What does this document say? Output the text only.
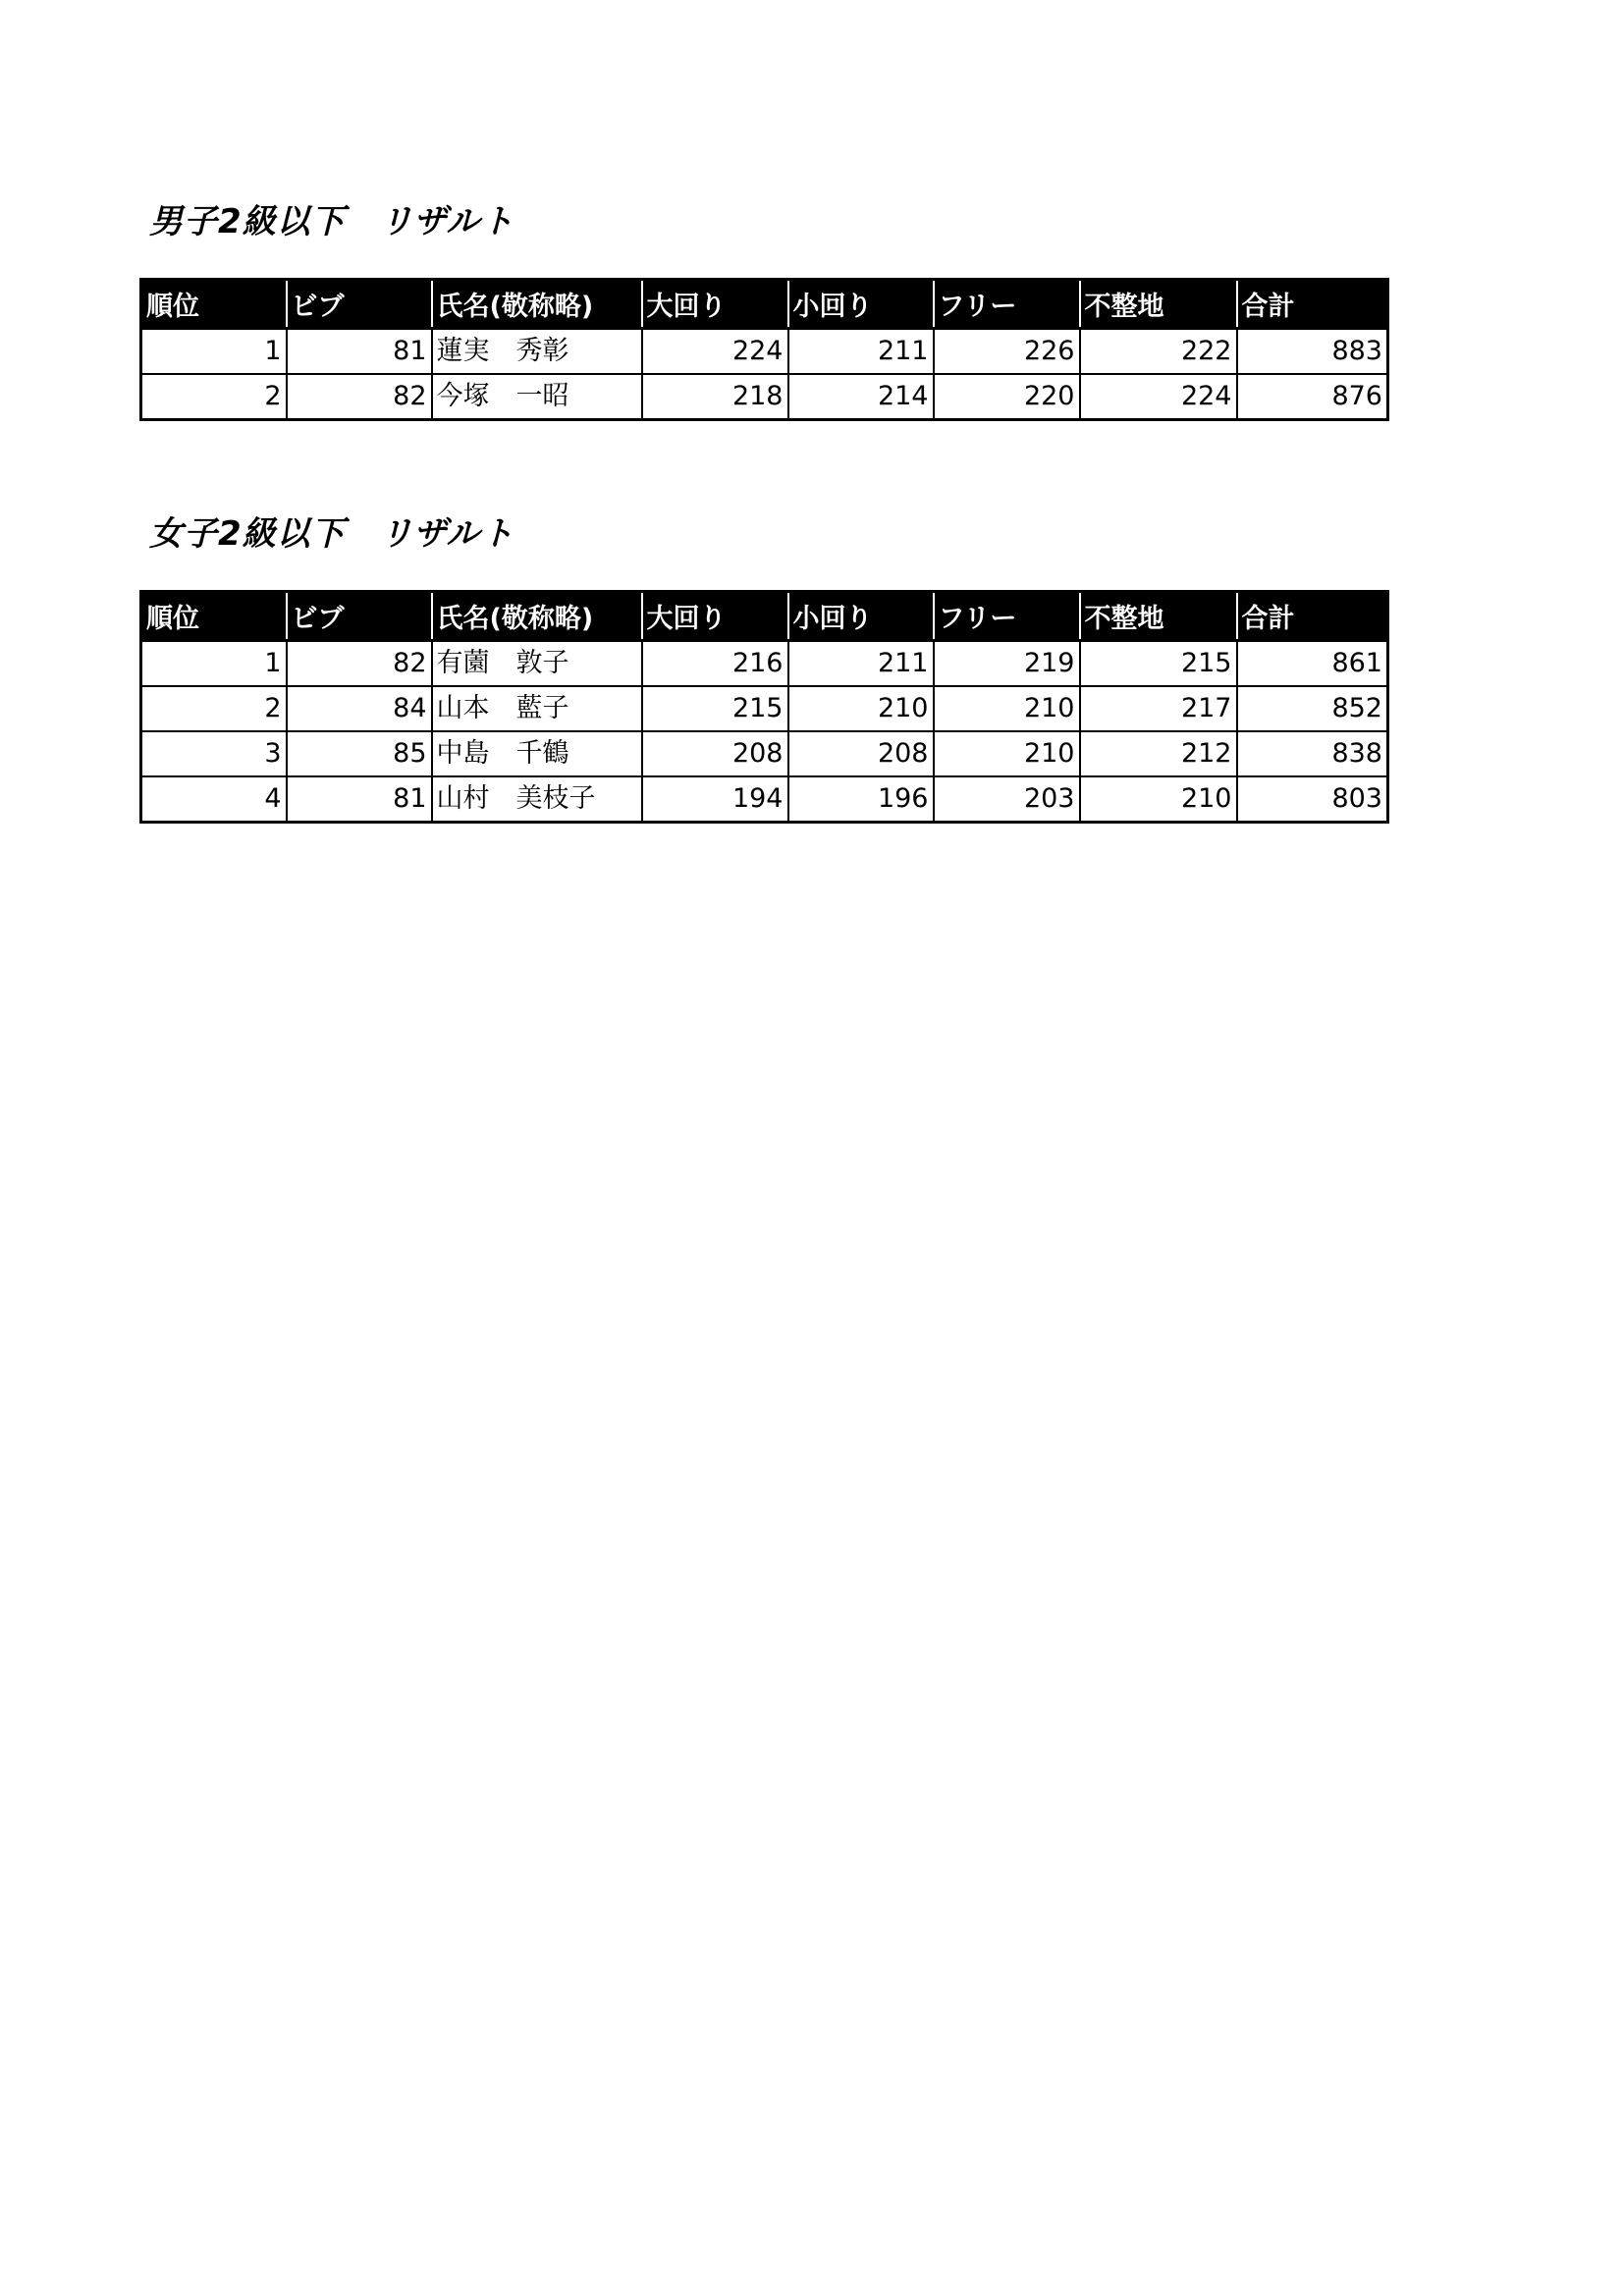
男子2級以下　リザルト
順位	ビブ	氏名(敬称略)	大回り	小回り	フリー	不整地	合計
1	81	蓮実　秀彰	224	211	226	222	883
2	82	今塚　一昭	218	214	220	224	876
女子2級以下　リザルト
順位	ビブ	氏名(敬称略)	大回り	小回り	フリー	不整地	合計
1	82	有薗　敦子	216	211	219	215	861
2	84	山本　藍子	215	210	210	217	852
3	85	中島　千鶴	208	208	210	212	838
4	81	山村　美枝子	194	196	203	210	803
